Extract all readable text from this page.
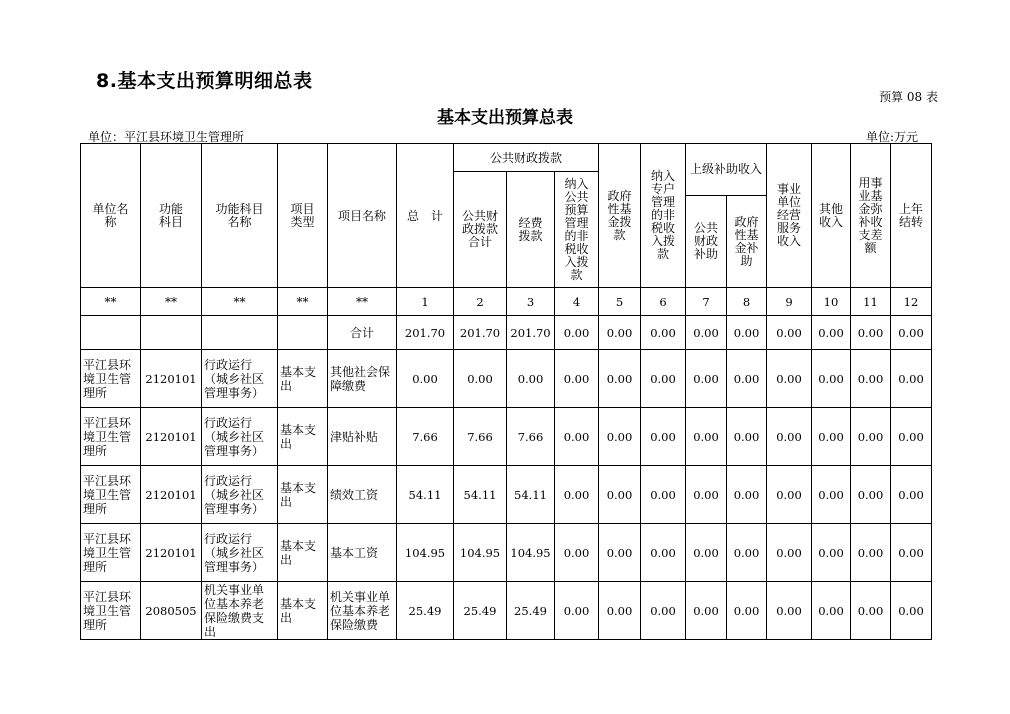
8.基本支出预算明细总表
预算 08 表
基本支出预算总表
单位：平江县环境卫生管理所	单位:万元
单位名称	功能科目	功能科目名称	项目类型	项目名称	总　计	公共财政拨款			政府性基金拨款	纳入专户管理的非税收入拨款	上级补助收入		事业单位经营服务收入	其他收入	用事业基金弥补收支差额	上年结转

						公共财政拨款合计	经费拨款	纳入公共预算管理的非税收入拨款								

											公共财政补助	政府性基金补助				

**	**	**	**	**	1	2	3	4	5	6	7	8	9	10	11	12
				合计	201.70	201.70	201.70	0.00	0.00	0.00	0.00	0.00	0.00	0.00	0.00	0.00
平江县环境卫生管理所	2120101	行政运行（城乡社区管理事务）	基本支出	其他社会保障缴费	0.00	0.00	0.00	0.00	0.00	0.00	0.00	0.00	0.00	0.00	0.00	0.00
平江县环境卫生管理所	2120101	行政运行（城乡社区管理事务）	基本支出	津贴补贴	7.66	7.66	7.66	0.00	0.00	0.00	0.00	0.00	0.00	0.00	0.00	0.00
平江县环境卫生管理所	2120101	行政运行（城乡社区管理事务）	基本支出	绩效工资	54.11	54.11	54.11	0.00	0.00	0.00	0.00	0.00	0.00	0.00	0.00	0.00
平江县环境卫生管理所	2120101	行政运行（城乡社区管理事务）	基本支出	基本工资	104.95	104.95	104.95	0.00	0.00	0.00	0.00	0.00	0.00	0.00	0.00	0.00
平江县环境卫生管理所	2080505	机关事业单位基本养老保险缴费支出	基本支出	机关事业单位基本养老保险缴费	25.49	25.49	25.49	0.00	0.00	0.00	0.00	0.00	0.00	0.00	0.00	0.00
